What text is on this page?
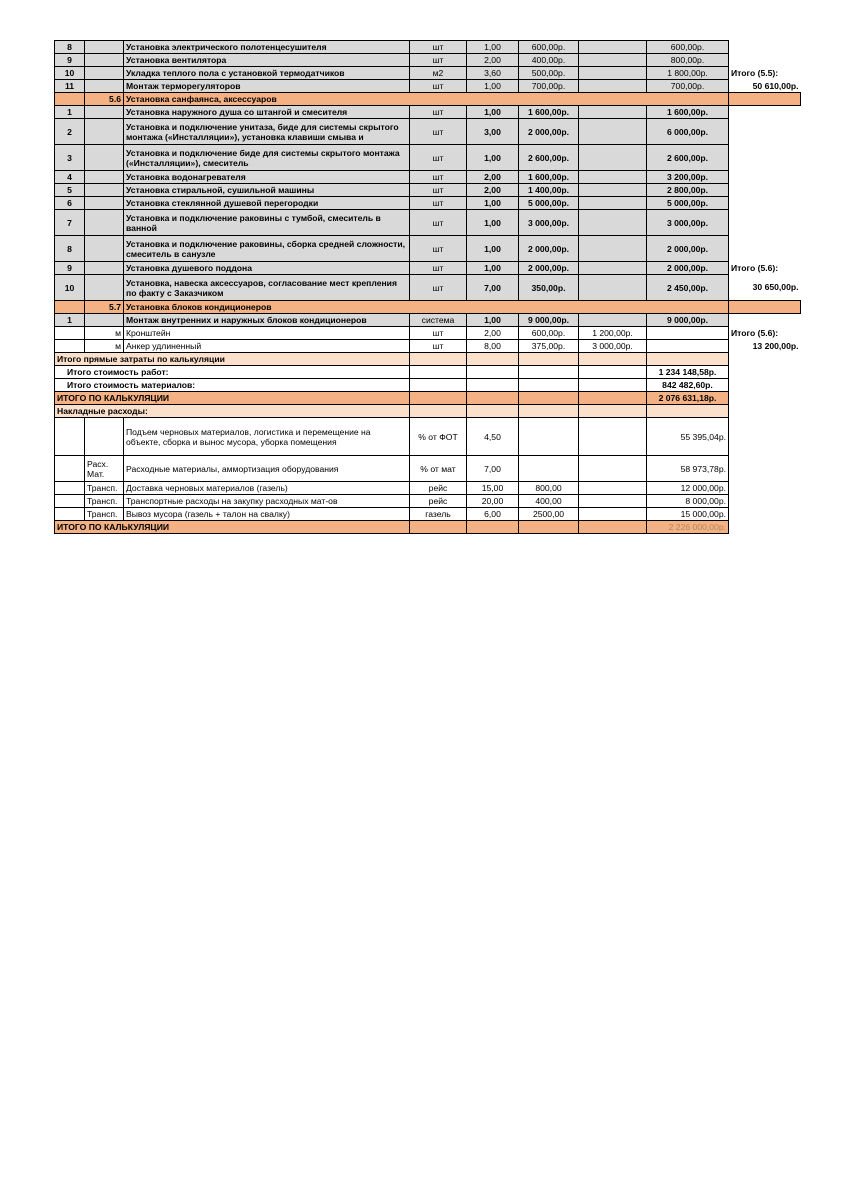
8		Установка электрического полотенцесушителя	шт	1,00	600,00р.		600,00р.		
9		Установка вентилятора	шт	2,00	400,00р.		800,00р.		
10		Укладка теплого пола с установкой термодатчиков	м2	3,60	500,00р.		1 800,00р.	Итого (5.5):	
11		Монтаж терморегуляторов	шт	1,00	700,00р.		700,00р.	50 610,00р.	
	5.6	Установка санфаянса, аксессуаров							
1		Установка наружного душа со штангой и смесителя	шт	1,00	1 600,00р.		1 600,00р.		
2		Установка и подключение унитаза, биде для системы скрытого монтажа («Инсталляции»), установка клавиши смыва и	шт	3,00	2 000,00р.		6 000,00р.		
3		Установка и подключение биде для системы скрытого монтажа («Инсталляции»), смеситель	шт	1,00	2 600,00р.		2 600,00р.		
4		Установка водонагревателя	шт	2,00	1 600,00р.		3 200,00р.		
5		Установка стиральной, сушильной машины	шт	2,00	1 400,00р.		2 800,00р.		
6		Установка стеклянной душевой перегородки	шт	1,00	5 000,00р.		5 000,00р.		
7		Установка и подключение раковины с тумбой, смеситель в ванной	шт	1,00	3 000,00р.		3 000,00р.		
8		Установка и подключение раковины, сборка средней сложности, смеситель в санузле	шт	1,00	2 000,00р.		2 000,00р.		
9		Установка душевого поддона	шт	1,00	2 000,00р.		2 000,00р.	Итого (5.6):	
10		Установка, навеска аксессуаров, согласование мест крепления по факту с Заказчиком	шт	7,00	350,00р.		2 450,00р.	30 650,00р.	
	5.7	Установка блоков кондиционеров							
1		Монтаж внутренних и наружных блоков кондиционеров	система	1,00	9 000,00р.		9 000,00р.		
	м	Кронштейн	шт	2,00	600,00р.	1 200,00р.		Итого (5.6):	
	м	Анкер удлиненный	шт	8,00	375,00р.	3 000,00р.		13 200,00р.	
Итого прямые затраты по калькуляции									
Итого стоимость работ:							1 234 148,58р.		
Итого стоимость материалов:							842 482,60р.		
ИТОГО ПО КАЛЬКУЛЯЦИИ							2 076 631,18р.		
Накладные расходы:									
		Подъем черновых материалов, логистика и перемещение на объекте, сборка и вынос мусора, уборка помещения	% от ФОТ	4,50			55 395,04р.		
	Расх. Мат.	Расходные материалы, аммортизация оборудования	% от мат	7,00			58 973,78р.		
	Трансп.	Доставка черновых материалов (газель)	рейс	15,00	800,00		12 000,00р.		
	Трансп.	Транспортные расходы на закупку расходных мат-ов	рейс	20,00	400,00		8 000,00р.		
	Трансп.	Вывоз мусора (газель + талон на свалку)	газель	6,00	2500,00		15 000,00р.		
ИТОГО ПО КАЛЬКУЛЯЦИИ							2 226 000,00р.		
